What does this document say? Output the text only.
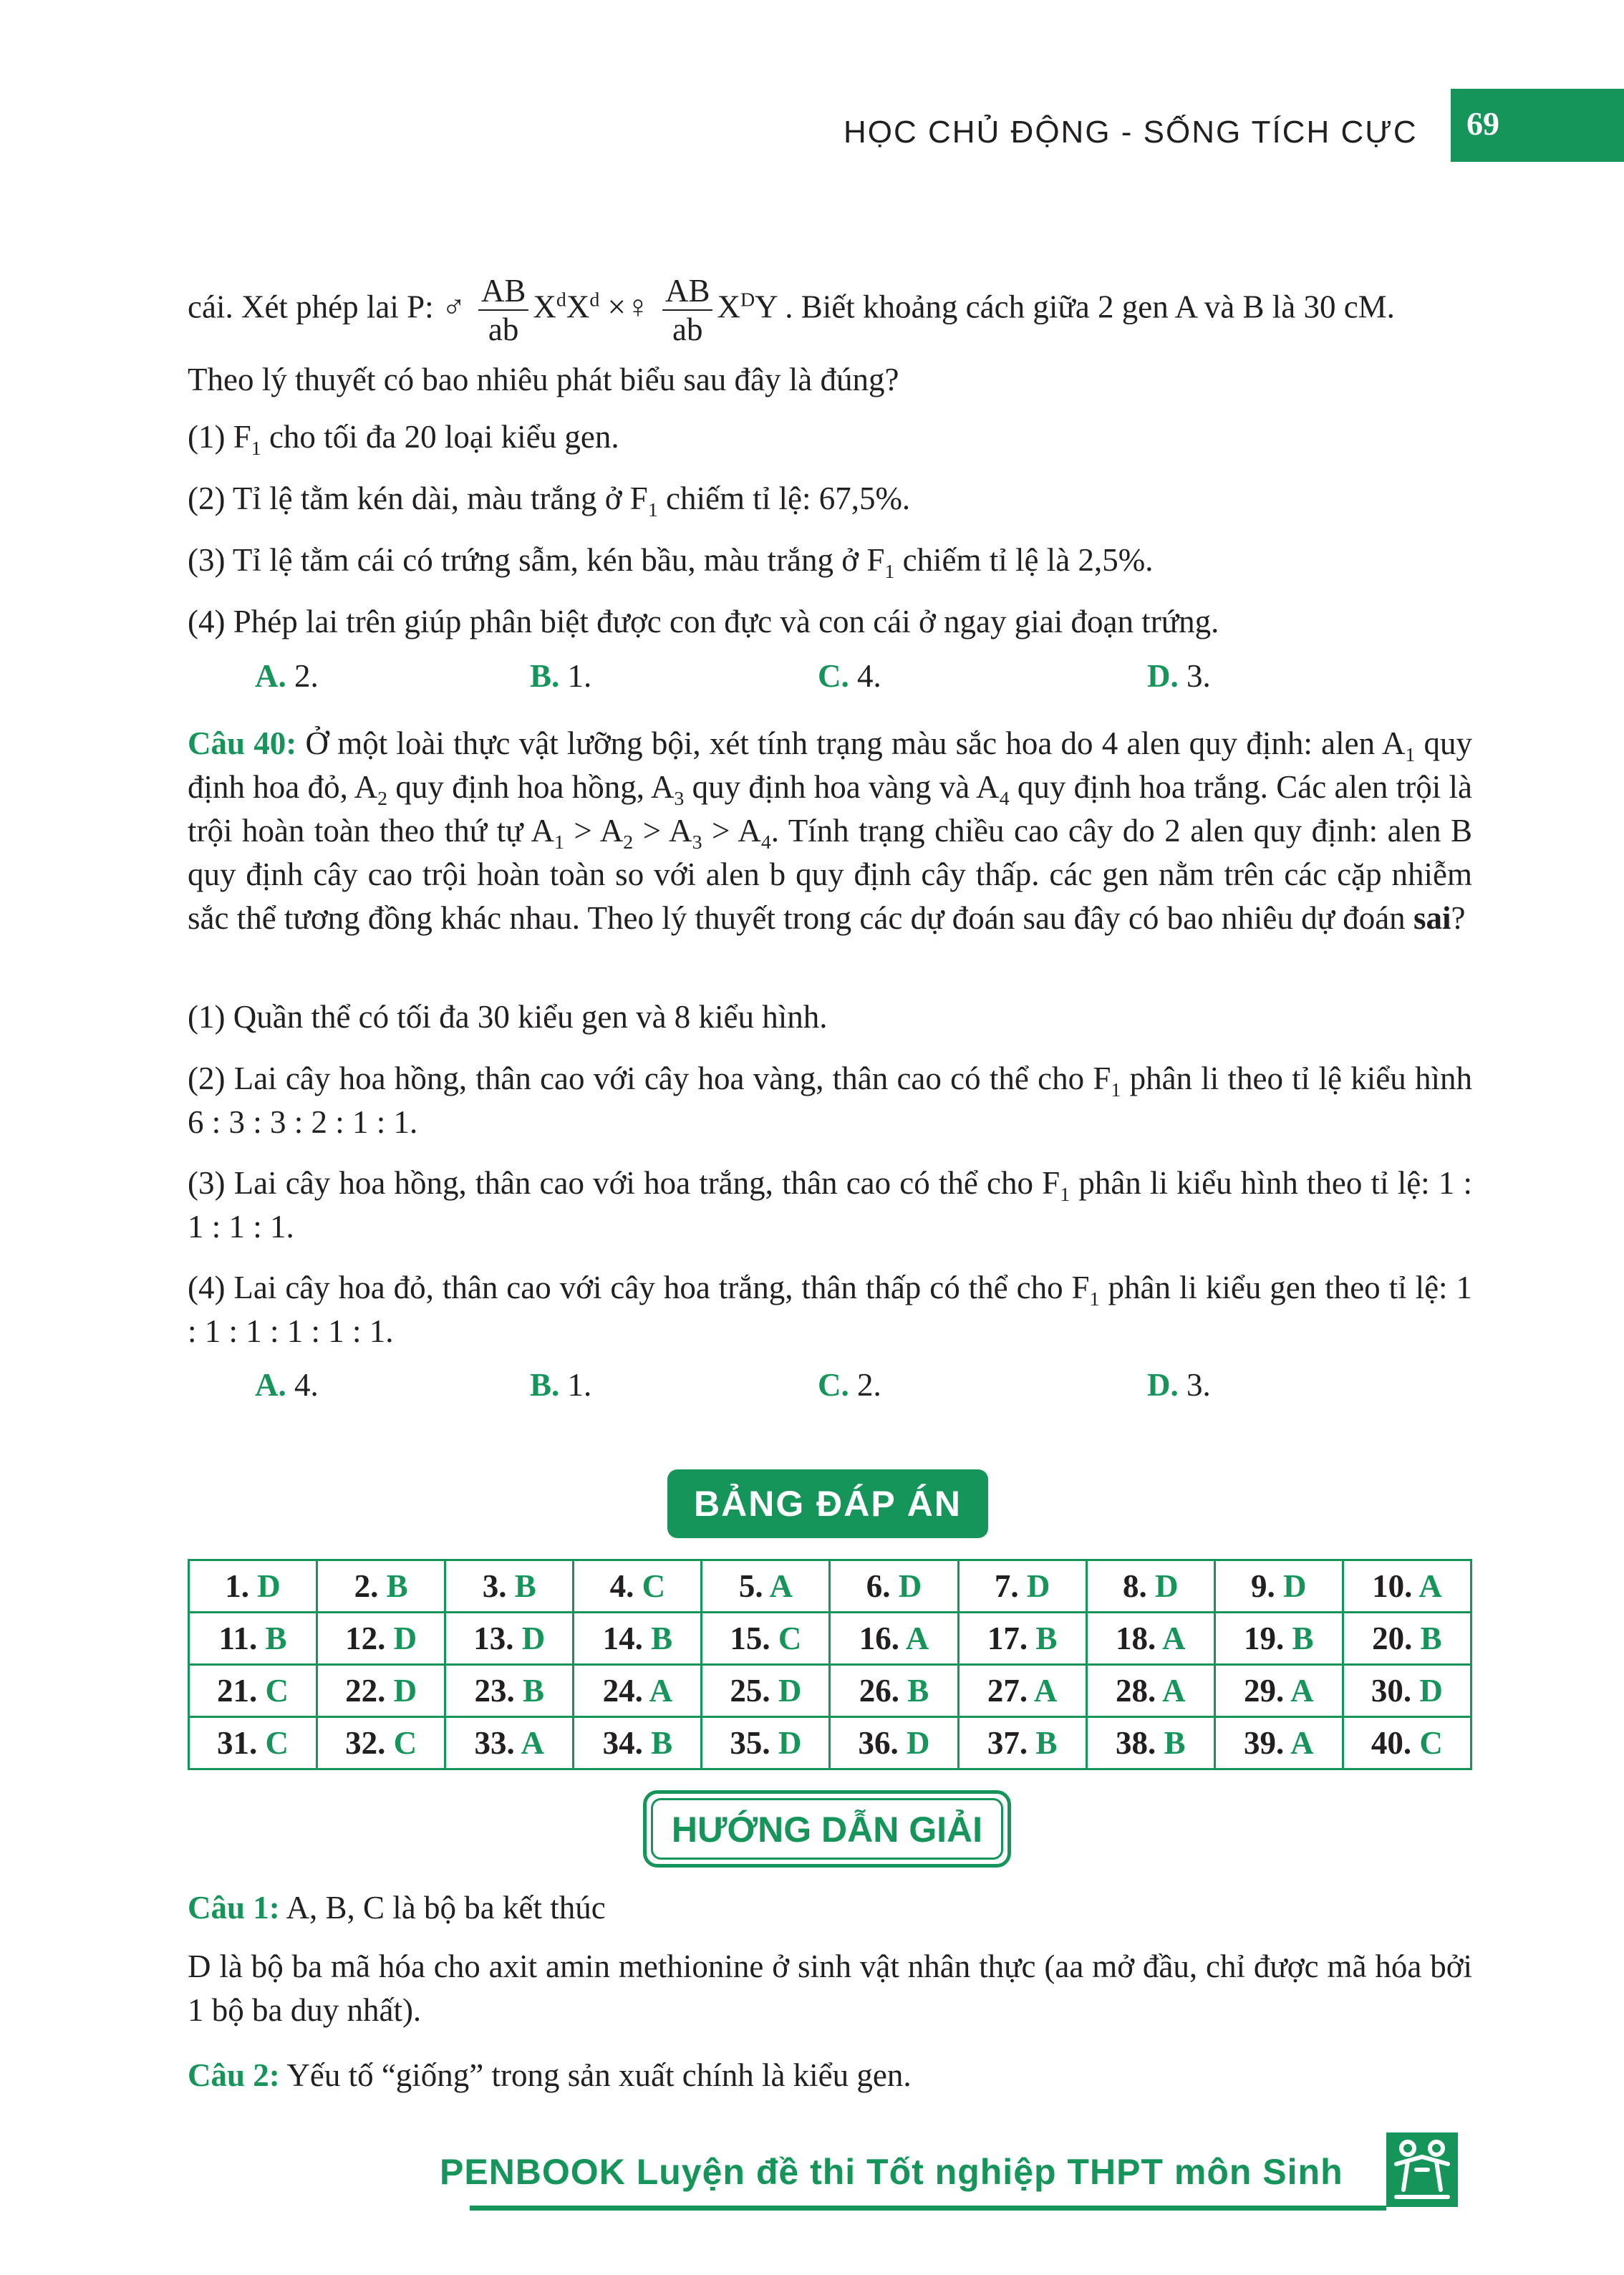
HỌC CHỦ ĐỘNG - SỐNG TÍCH CỰC 69
cái. Xét phép lai P: ♂ $\frac{AB}{ab} X^dX^d$ ×♀ $\frac{AB}{ab} X^DY$ . Biết khoảng cách giữa 2 gen A và B là 30 cM.
Theo lý thuyết có bao nhiêu phát biểu sau đây là đúng?
(1) $F_1$ cho tối đa 20 loại kiểu gen.
(2) Tỉ lệ tằm kén dài, màu trắng ở $F_1$ chiếm tỉ lệ: 67,5%.
(3) Tỉ lệ tằm cái có trứng sẫm, kén bầu, màu trắng ở $F_1$ chiếm tỉ lệ là 2,5%.
(4) Phép lai trên giúp phân biệt được con đực và con cái ở ngay giai đoạn trứng.
A. 2.	B. 1.	C. 4.	D. 3.
Câu 40: Ở một loài thực vật lưỡng bội, xét tính trạng màu sắc hoa do 4 alen quy định: alen $A_1$ quy định hoa đỏ, $A_2$ quy định hoa hồng, $A_3$ quy định hoa vàng và $A_4$ quy định hoa trắng. Các alen trội là trội hoàn toàn theo thứ tự $A_1 > A_2 > A_3 > A_4$. Tính trạng chiều cao cây do 2 alen quy định: alen B quy định cây cao trội hoàn toàn so với alen b quy định cây thấp. các gen nằm trên các cặp nhiễm sắc thể tương đồng khác nhau. Theo lý thuyết trong các dự đoán sau đây có bao nhiêu dự đoán sai?
(1) Quần thể có tối đa 30 kiểu gen và 8 kiểu hình.
(2) Lai cây hoa hồng, thân cao với cây hoa vàng, thân cao có thể cho $F_1$ phân li theo tỉ lệ kiểu hình 6 : 3 : 3 : 2 : 1 : 1.
(3) Lai cây hoa hồng, thân cao với hoa trắng, thân cao có thể cho $F_1$ phân li kiểu hình theo tỉ lệ: 1 : 1 : 1 : 1.
(4) Lai cây hoa đỏ, thân cao với cây hoa trắng, thân thấp có thể cho $F_1$ phân li kiểu gen theo tỉ lệ: 1 : 1 : 1 : 1 : 1 : 1.
A. 4.	B. 1.	C. 2.	D. 3.
BẢNG ĐÁP ÁN
1. D	2. B	3. B	4. C	5. A	6. D	7. D	8. D	9. D	10. A
11. B	12. D	13. D	14. B	15. C	16. A	17. B	18. A	19. B	20. B
21. C	22. D	23. B	24. A	25. D	26. B	27. A	28. A	29. A	30. D
31. C	32. C	33. A	34. B	35. D	36. D	37. B	38. B	39. A	40. C
HƯỚNG DẪN GIẢI
Câu 1: A, B, C là bộ ba kết thúc
D là bộ ba mã hóa cho axit amin methionine ở sinh vật nhân thực (aa mở đầu, chỉ được mã hóa bởi 1 bộ ba duy nhất).
Câu 2: Yếu tố “giống” trong sản xuất chính là kiểu gen.
PENBOOK Luyện đề thi Tốt nghiệp THPT môn Sinh
